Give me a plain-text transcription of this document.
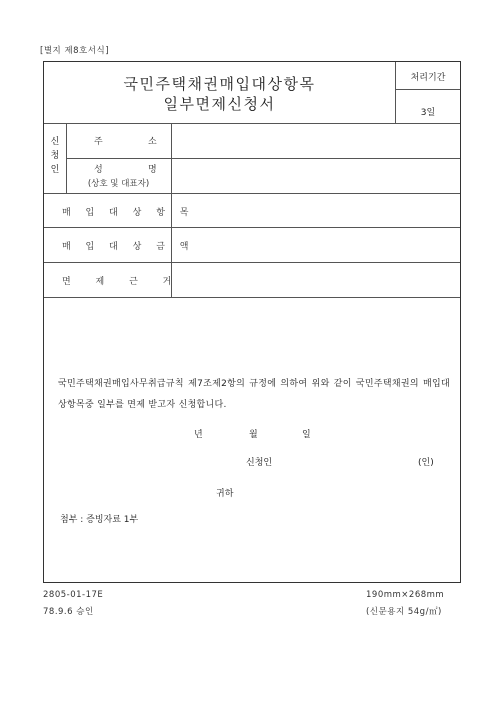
[별지 제8호서식]
국민주택채권매입대상항목
일부면제신청서
처리기간
3일
신
청
인
주	소
성	명
(상호 및 대표자)
매 입 대 상 항 목
매 입 대 상 금 액
면 제 근 거
국민주택채권매입사무취급규칙 제7조제2항의 규정에 의하여 위와 같이 국민주택채권의 매입대상항목중 일부를 면제 받고자 신청합니다.
년	월	일
신청인	(인)
귀하
첨부 : 증빙자료 1부
2805-01-17E
78.9.6 승인
190mm×268mm
(신문용지 54g/㎡)
